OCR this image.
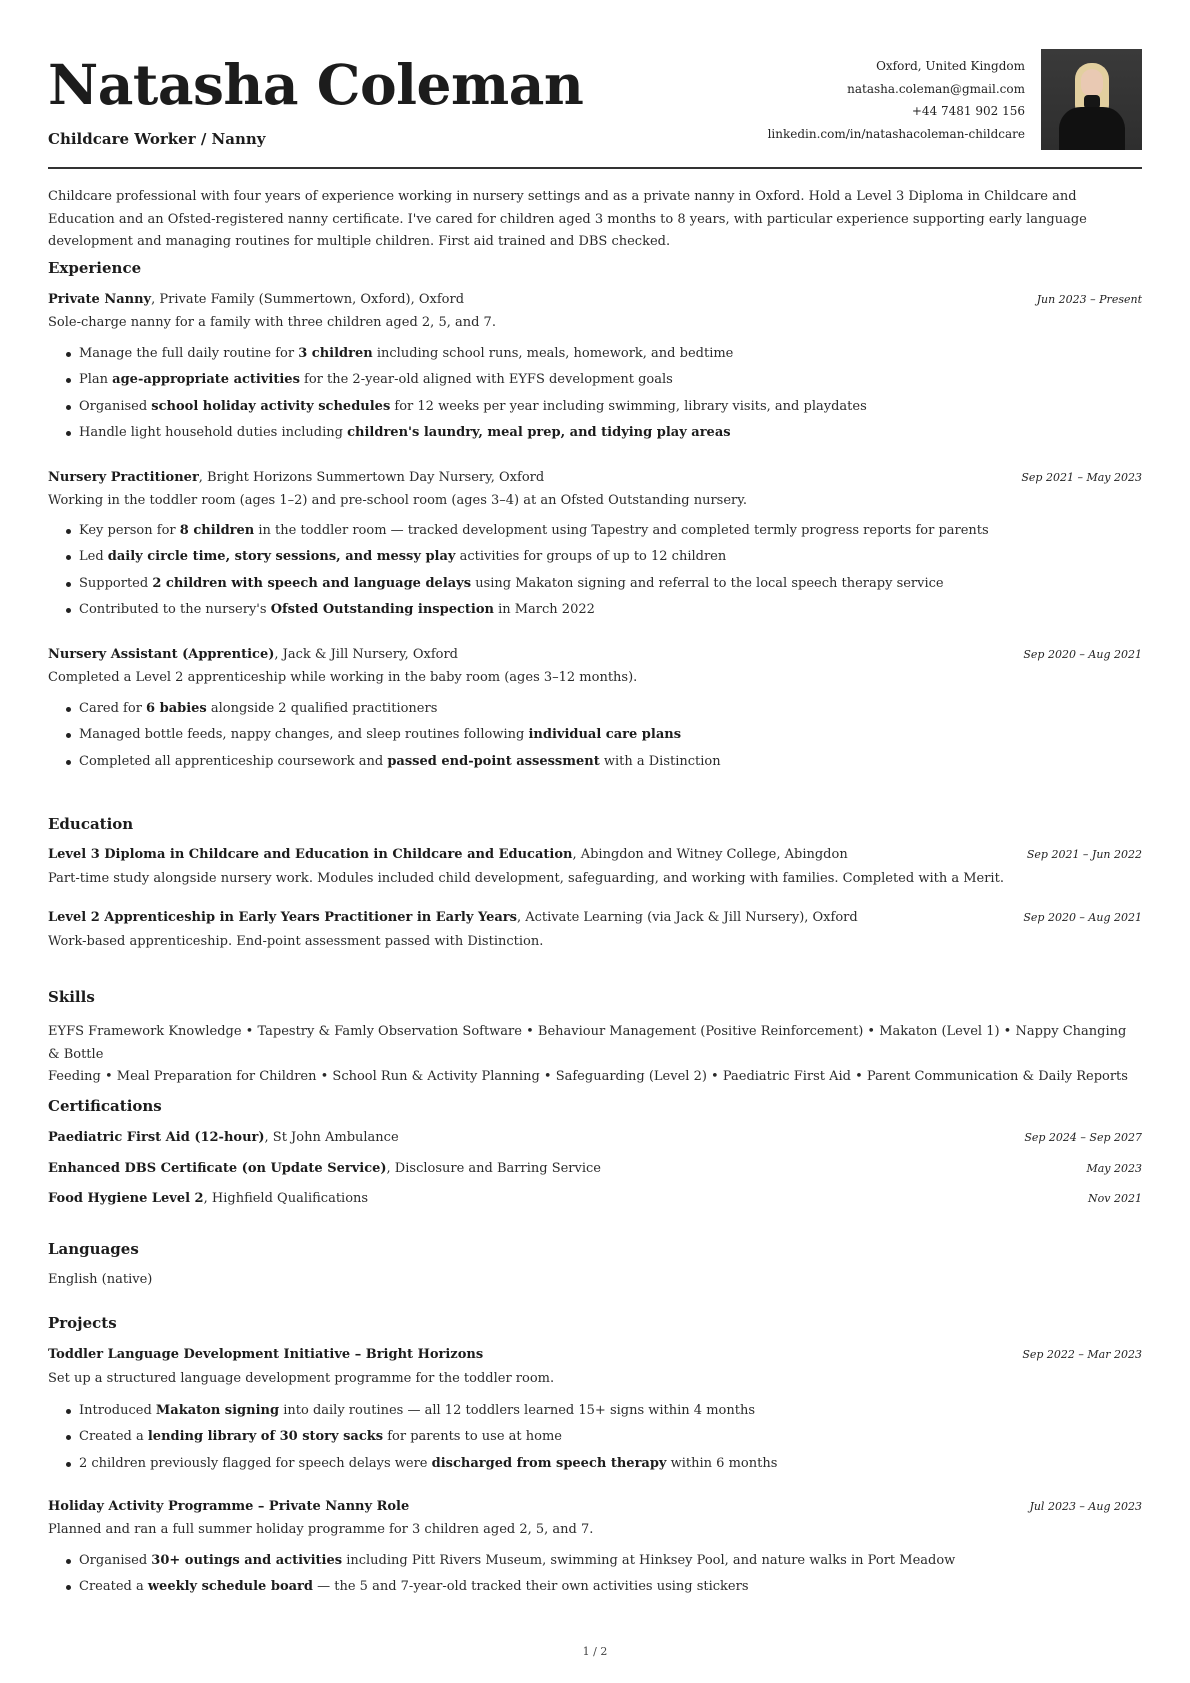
Natasha Coleman
Childcare Worker / Nanny
Oxford, United Kingdom
natasha.coleman@gmail.com
+44 7481 902 156
linkedin.com/in/natashacoleman-childcare

Childcare professional with four years of experience working in nursery settings and as a private nanny in Oxford. Hold a Level 3 Diploma in Childcare and Education and an Ofsted-registered nanny certificate. I've cared for children aged 3 months to 8 years, with particular experience supporting early language development and managing routines for multiple children. First aid trained and DBS checked.

Experience
Private Nanny, Private Family (Summertown, Oxford), Oxford	Jun 2023 – Present
Sole-charge nanny for a family with three children aged 2, 5, and 7.
Manage the full daily routine for 3 children including school runs, meals, homework, and bedtime
Plan age-appropriate activities for the 2-year-old aligned with EYFS development goals
Organised school holiday activity schedules for 12 weeks per year including swimming, library visits, and playdates
Handle light household duties including children's laundry, meal prep, and tidying play areas
Nursery Practitioner, Bright Horizons Summertown Day Nursery, Oxford	Sep 2021 – May 2023
Working in the toddler room (ages 1–2) and pre-school room (ages 3–4) at an Ofsted Outstanding nursery.
Key person for 8 children in the toddler room — tracked development using Tapestry and completed termly progress reports for parents
Led daily circle time, story sessions, and messy play activities for groups of up to 12 children
Supported 2 children with speech and language delays using Makaton signing and referral to the local speech therapy service
Contributed to the nursery's Ofsted Outstanding inspection in March 2022
Nursery Assistant (Apprentice), Jack & Jill Nursery, Oxford	Sep 2020 – Aug 2021
Completed a Level 2 apprenticeship while working in the baby room (ages 3–12 months).
Cared for 6 babies alongside 2 qualified practitioners
Managed bottle feeds, nappy changes, and sleep routines following individual care plans
Completed all apprenticeship coursework and passed end-point assessment with a Distinction
Education
Level 3 Diploma in Childcare and Education in Childcare and Education, Abingdon and Witney College, Abingdon	Sep 2021 – Jun 2022
Part-time study alongside nursery work. Modules included child development, safeguarding, and working with families. Completed with a Merit.
Level 2 Apprenticeship in Early Years Practitioner in Early Years, Activate Learning (via Jack & Jill Nursery), Oxford	Sep 2020 – Aug 2021
Work-based apprenticeship. End-point assessment passed with Distinction.
Skills
EYFS Framework Knowledge • Tapestry & Famly Observation Software • Behaviour Management (Positive Reinforcement) • Makaton (Level 1) • Nappy Changing & Bottle
Feeding • Meal Preparation for Children • School Run & Activity Planning • Safeguarding (Level 2) • Paediatric First Aid • Parent Communication & Daily Reports
Certifications
Paediatric First Aid (12-hour), St John Ambulance	Sep 2024 – Sep 2027
Enhanced DBS Certificate (on Update Service), Disclosure and Barring Service	May 2023
Food Hygiene Level 2, Highfield Qualifications	Nov 2021
Languages
English (native)
Projects
Toddler Language Development Initiative – Bright Horizons	Sep 2022 – Mar 2023
Set up a structured language development programme for the toddler room.
Introduced Makaton signing into daily routines — all 12 toddlers learned 15+ signs within 4 months
Created a lending library of 30 story sacks for parents to use at home
2 children previously flagged for speech delays were discharged from speech therapy within 6 months
Holiday Activity Programme – Private Nanny Role	Jul 2023 – Aug 2023
Planned and ran a full summer holiday programme for 3 children aged 2, 5, and 7.
Organised 30+ outings and activities including Pitt Rivers Museum, swimming at Hinksey Pool, and nature walks in Port Meadow
Created a weekly schedule board — the 5 and 7-year-old tracked their own activities using stickers
1 / 2
